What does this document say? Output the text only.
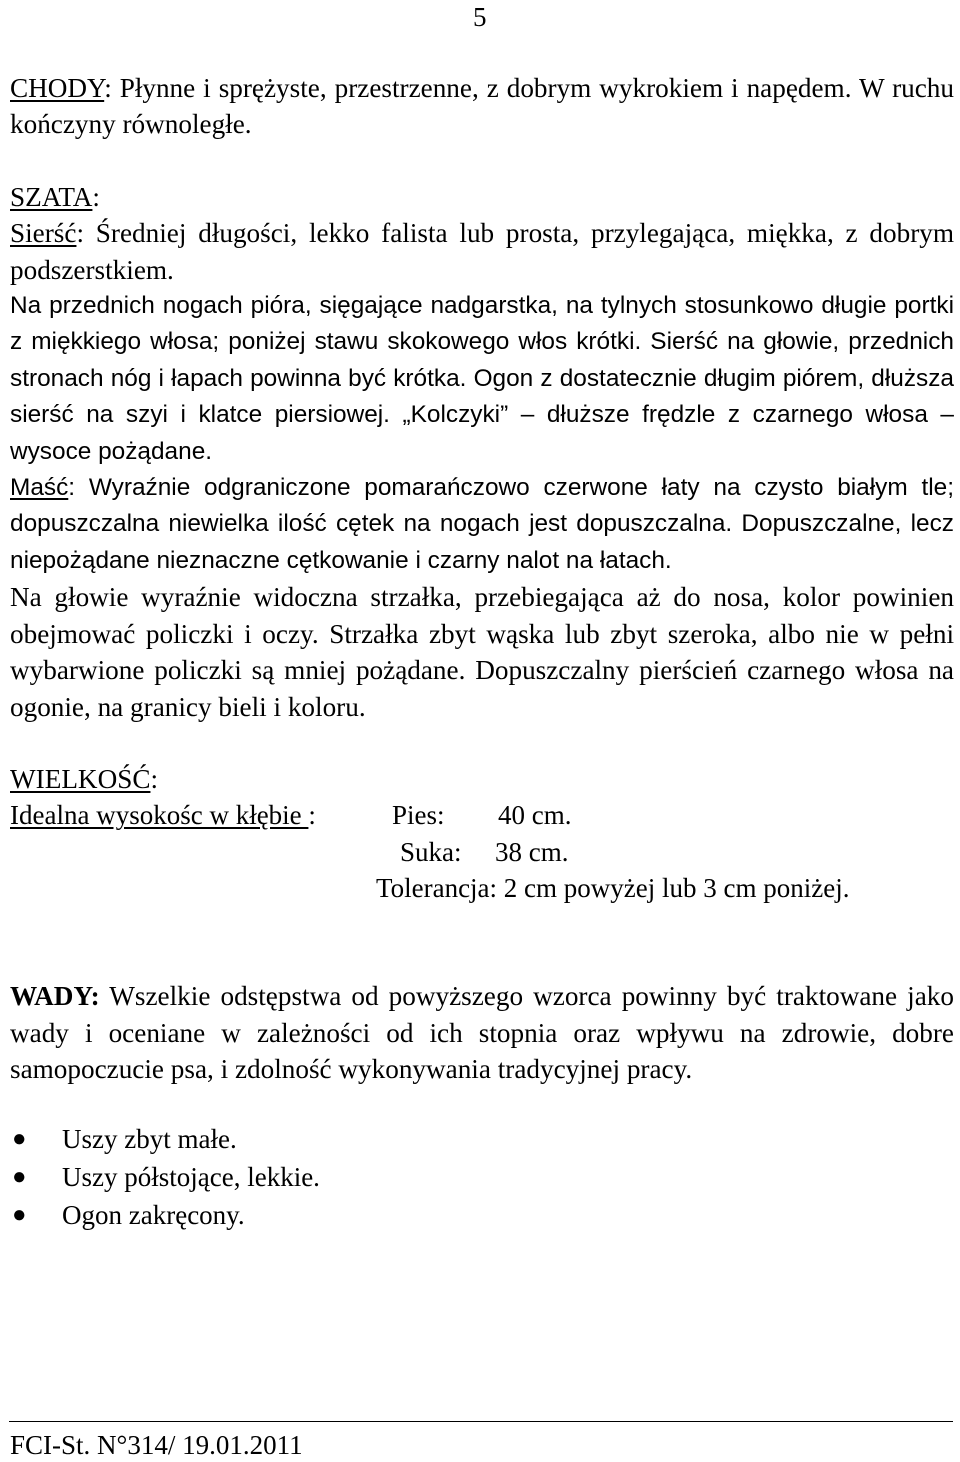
5

CHODY: Płynne i sprężyste, przestrzenne, z dobrym wykrokiem i napędem. W ruchu kończyny równoległe.

SZATA:
Sierść: Średniej długości, lekko falista lub prosta, przylegająca, miękka, z dobrym podszerstkiem.

Na przednich nogach pióra, sięgające nadgarstka, na tylnych stosunkowo długie portki z miękkiego włosa; poniżej stawu skokowego włos krótki. Sierść na głowie, przednich stronach nóg i łapach powinna być krótka. Ogon z dostatecznie długim piórem, dłuższa sierść na szyi i klatce piersiowej. „Kolczyki” – dłuższe frędzle z czarnego włosa – wysoce pożądane.

Maść: Wyraźnie odgraniczone pomarańczowo czerwone łaty na czysto białym tle; dopuszczalna niewielka ilość cętek na nogach jest dopuszczalna. Dopuszczalne, lecz niepożądane nieznaczne cętkowanie i czarny nalot na łatach.

Na głowie wyraźnie widoczna strzałka, przebiegająca aż do nosa, kolor powinien obejmować policzki i oczy. Strzałka zbyt wąska lub zbyt szeroka, albo nie w pełni wybarwione policzki są mniej pożądane. Dopuszczalny pierścień czarnego włosa na ogonie, na granicy bieli i koloru.

WIELKOŚĆ:

Idealna wysokośc w kłębie :	Pies: 40 cm.
Suka: 38 cm.
Tolerancja: 2 cm powyżej lub 3 cm poniżej.

WADY: Wszelkie odstępstwa od powyższego wzorca powinny być traktowane jako wady i oceniane w zależności od ich stopnia oraz wpływu na zdrowie, dobre samopoczucie psa, i zdolność wykonywania tradycyjnej pracy.

● Uszy zbyt małe.
● Uszy półstojące, lekkie.
● Ogon zakręcony.
FCI-St. N°314/ 19.01.2011
